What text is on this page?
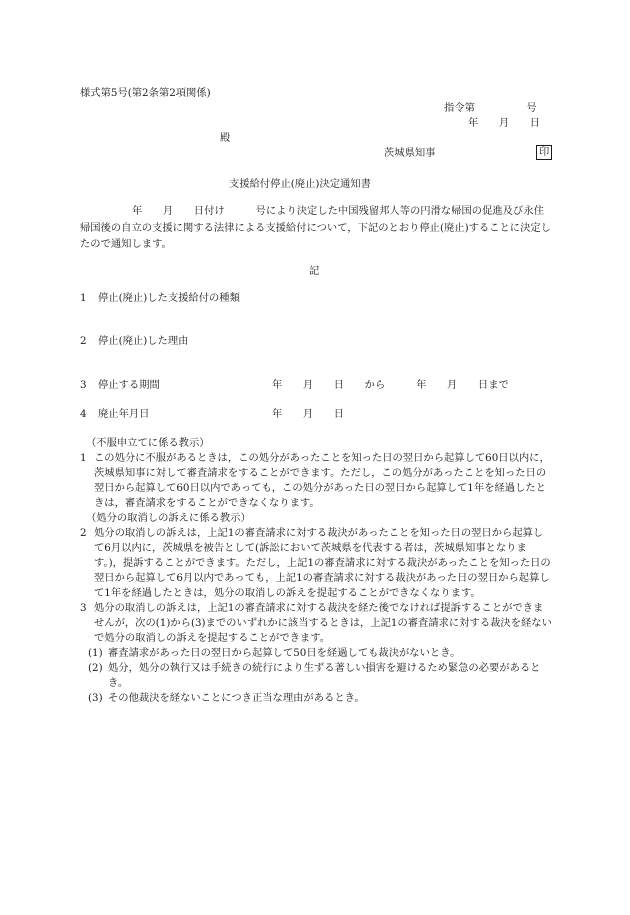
様式第5号(第2条第2項関係)
指令第　　　　　号
年　　月　　日
殿
茨城県知事	印
支援給付停止(廃止)決定通知書
年　　月　　日付け　　　号により決定した中国残留邦人等の円滑な帰国の促進及び永住帰国後の自立の支援に関する法律による支援給付について，下記のとおり停止(廃止)することに決定したので通知します。
記
1 停止(廃止)した支援給付の種類
2 停止(廃止)した理由
3 停止する期間	年　　月　　日　　から　　　年　　月　　日まで
4 廃止年月日	年　　月　　日
（不服申立てに係る教示）
1 この処分に不服があるときは，この処分があったことを知った日の翌日から起算して60日以内に，茨城県知事に対して審査請求をすることができます。ただし，この処分があったことを知った日の翌日から起算して60日以内であっても，この処分があった日の翌日から起算して1年を経過したときは，審査請求をすることができなくなります。
（処分の取消しの訴えに係る教示）
2 処分の取消しの訴えは，上記1の審査請求に対する裁決があったことを知った日の翌日から起算して6月以内に，茨城県を被告として(訴訟において茨城県を代表する者は，茨城県知事となります。)，提訴することができます。ただし，上記1の審査請求に対する裁決があったことを知った日の翌日から起算して6月以内であっても，上記1の審査請求に対する裁決があった日の翌日から起算して1年を経過したときは，処分の取消しの訴えを提起することができなくなります。
3 処分の取消しの訴えは，上記1の審査請求に対する裁決を経た後でなければ提訴することができませんが，次の(1)から(3)までのいずれかに該当するときは，上記1の審査請求に対する裁決を経ないで処分の取消しの訴えを提起することができます。
(1) 審査請求があった日の翌日から起算して50日を経過しても裁決がないとき。
(2) 処分，処分の執行又は手続きの続行により生ずる著しい損害を避けるため緊急の必要があるとき。
(3) その他裁決を経ないことにつき正当な理由があるとき。
